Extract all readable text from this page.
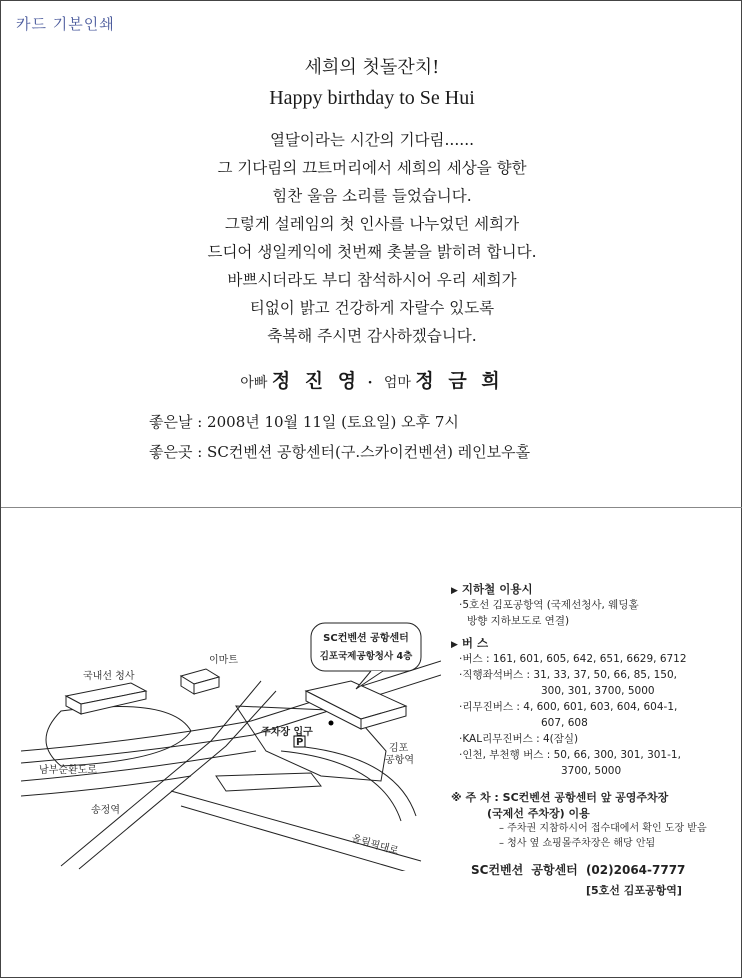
카드 기본인쇄
세희의 첫돌잔치!
Happy birthday to Se Hui
열달이라는 시간의 기다림......
그 기다림의 끄트머리에서 세희의 세상을 향한
힘찬 울음 소리를 들었습니다.
그렇게 설레임의 첫 인사를 나누었던 세희가
드디어 생일케익에 첫번째 촛불을 밝히려 합니다.
바쁘시더라도 부디 참석하시어 우리 세희가
티없이 밝고 건강하게 자랄수 있도록
축복해 주시면 감사하겠습니다.
아빠 정 진 영 · 엄마 정 금 희
좋은날 : 2008년 10월 11일 (토요일) 오후 7시
좋은곳 : SC컨벤션 공항센터(구.스카이컨벤션) 레인보우홀
SC컨벤션 공항센터
김포국제공항청사 4층
P
국내선 청사
이마트
주차장 입구
김포
공항역
남부순환도로
송정역
올림픽대로
▶ 지하철 이용시
·5호선 김포공항역 (국제선청사, 웨딩홀
방향 지하보도로 연결)
▶ 버 스
·버스 : 161, 601, 605, 642, 651, 6629, 6712
·직행좌석버스 : 31, 33, 37, 50, 66, 85, 150,
300, 301, 3700, 5000
·리무진버스 : 4, 600, 601, 603, 604, 604-1,
607, 608
·KAL리무진버스 : 4(잠실)
·인천, 부천행 버스 : 50, 66, 300, 301, 301-1,
3700, 5000
※ 주 차 : SC컨벤션 공항센터 앞 공영주차장
(국제선 주차장) 이용
– 주차권 지참하시어 접수대에서 확인 도장 받음
– 청사 옆 쇼핑몰주차장은 해당 안됨
SC컨벤션 공항센터 (02)2064-7777
[5호선 김포공항역]
